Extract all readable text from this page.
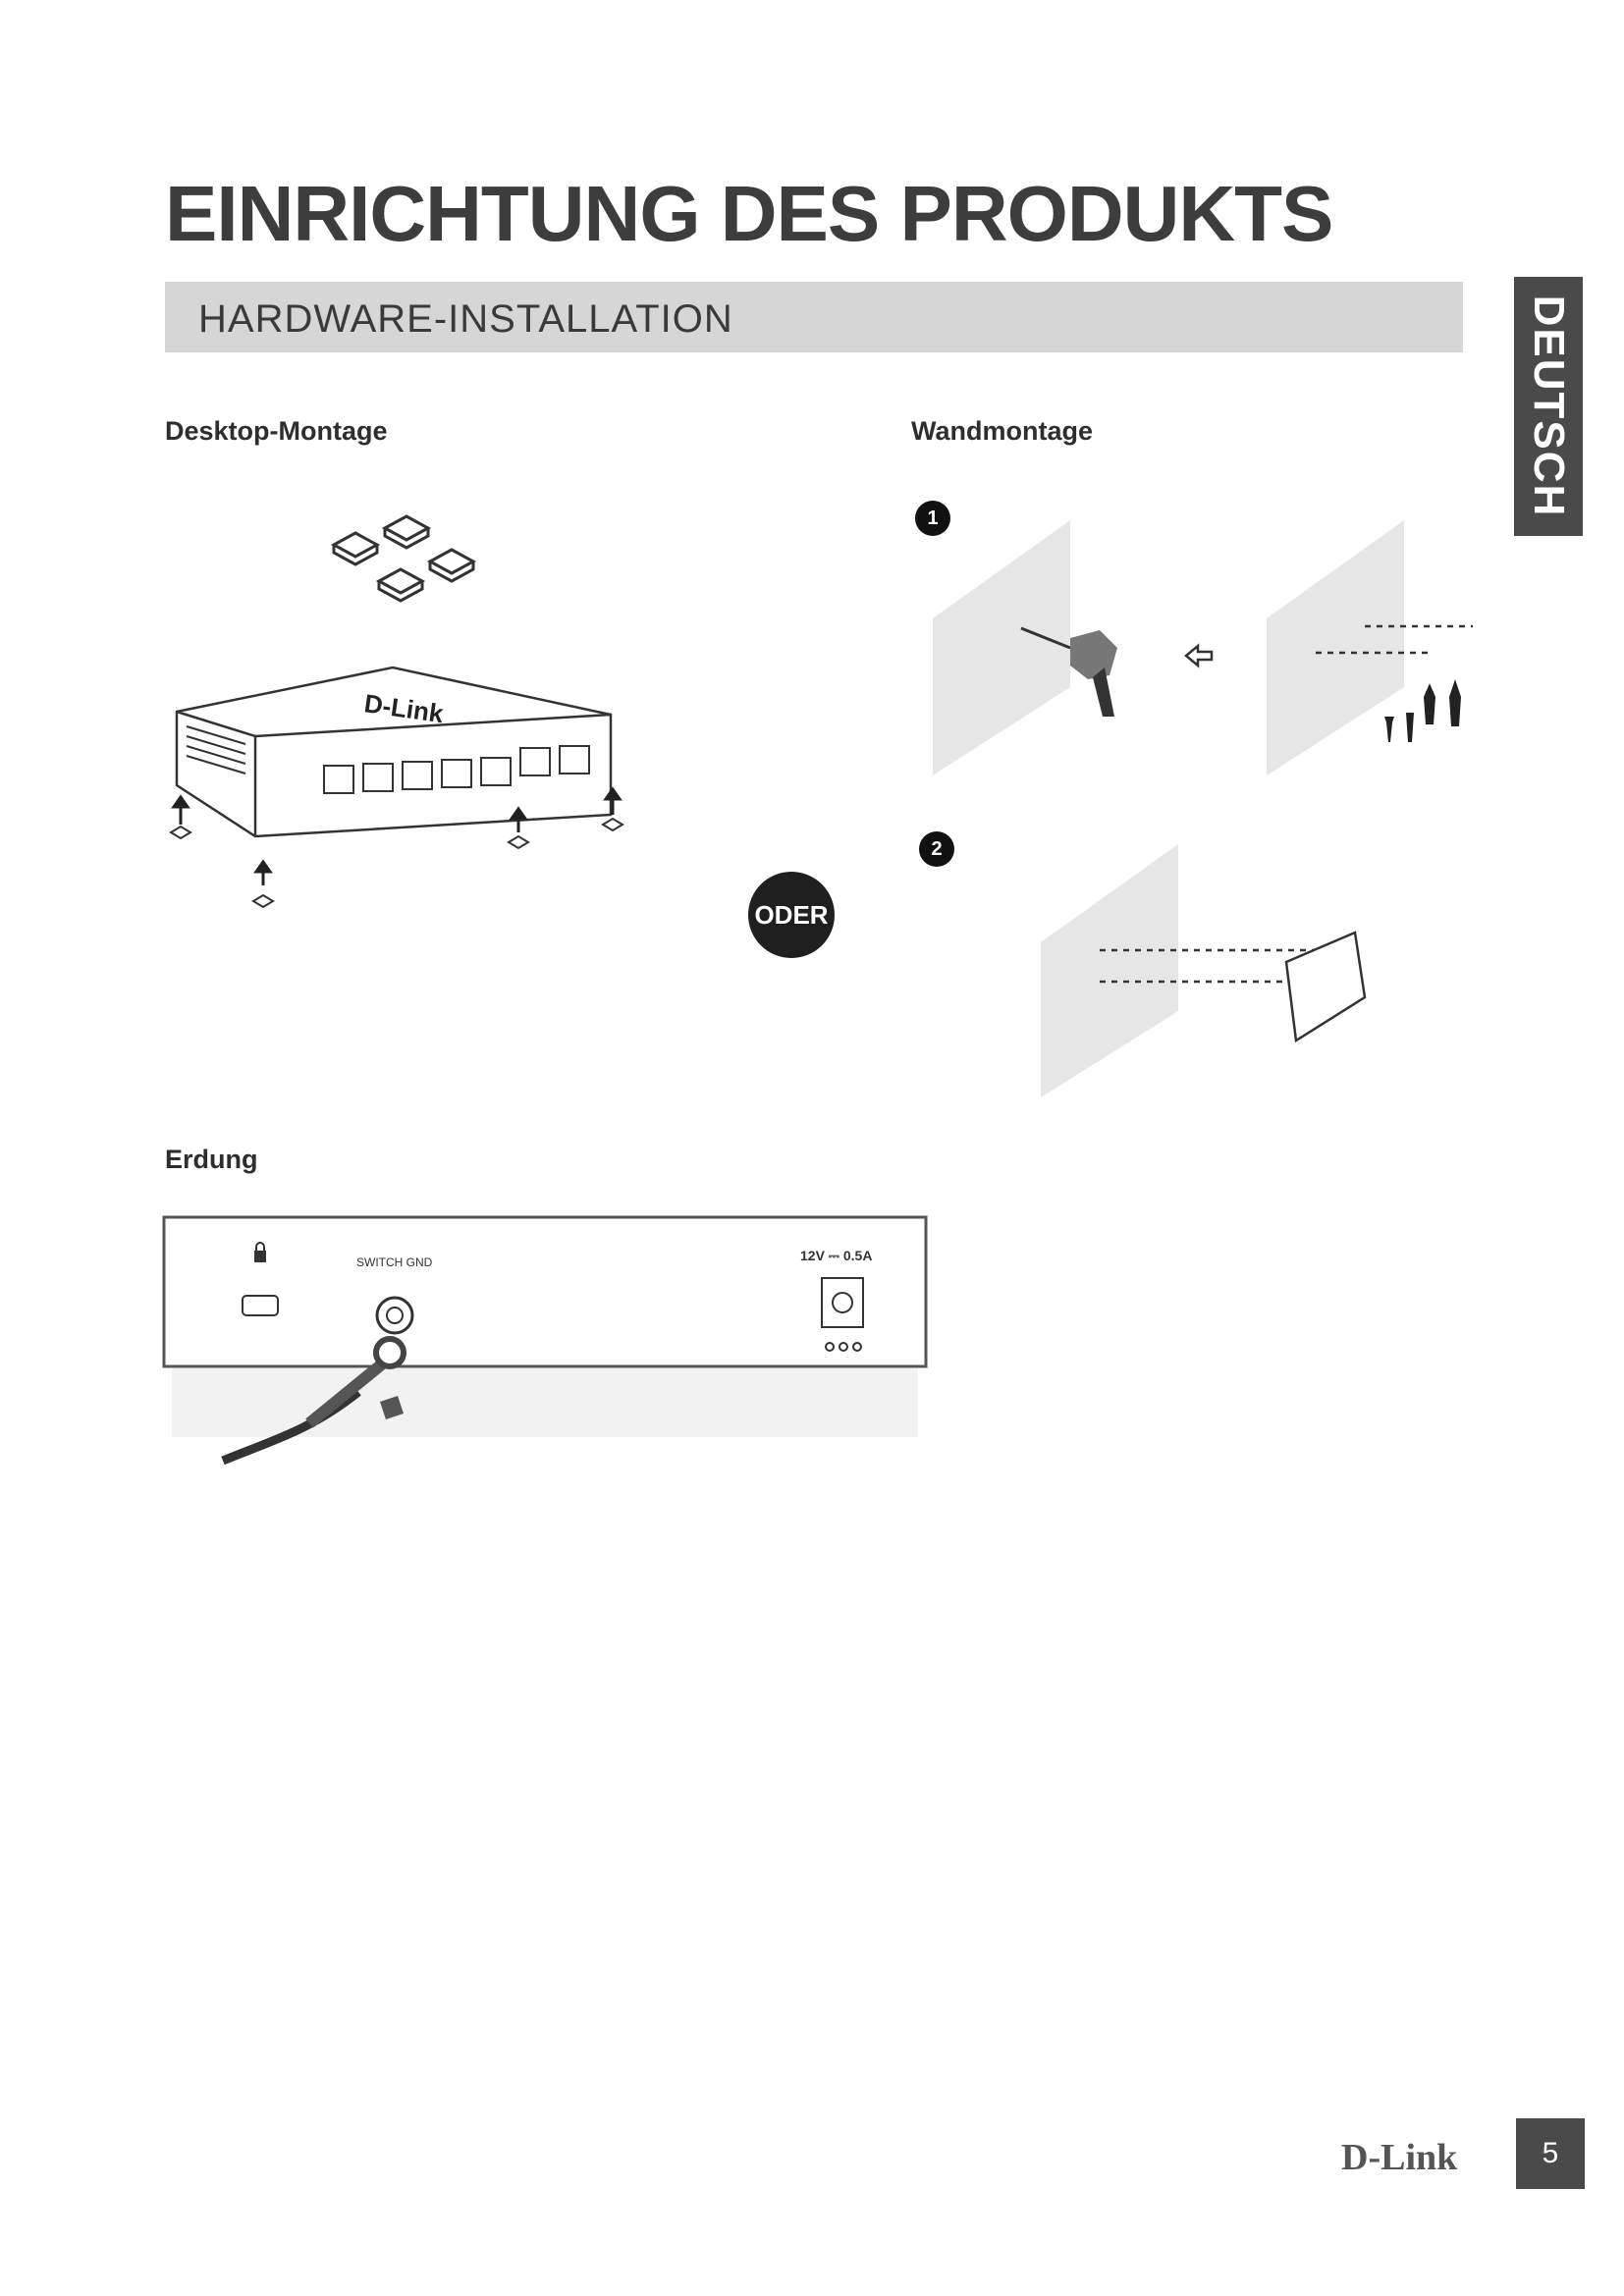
EINRICHTUNG DES PRODUKTS
HARDWARE-INSTALLATION	DEUTSCH
Desktop-Montage	Wandmontage
Erdung
D-Link
ODER
1
2
SWITCH GND	12V ⎓ 0.5A
D-Link	5
